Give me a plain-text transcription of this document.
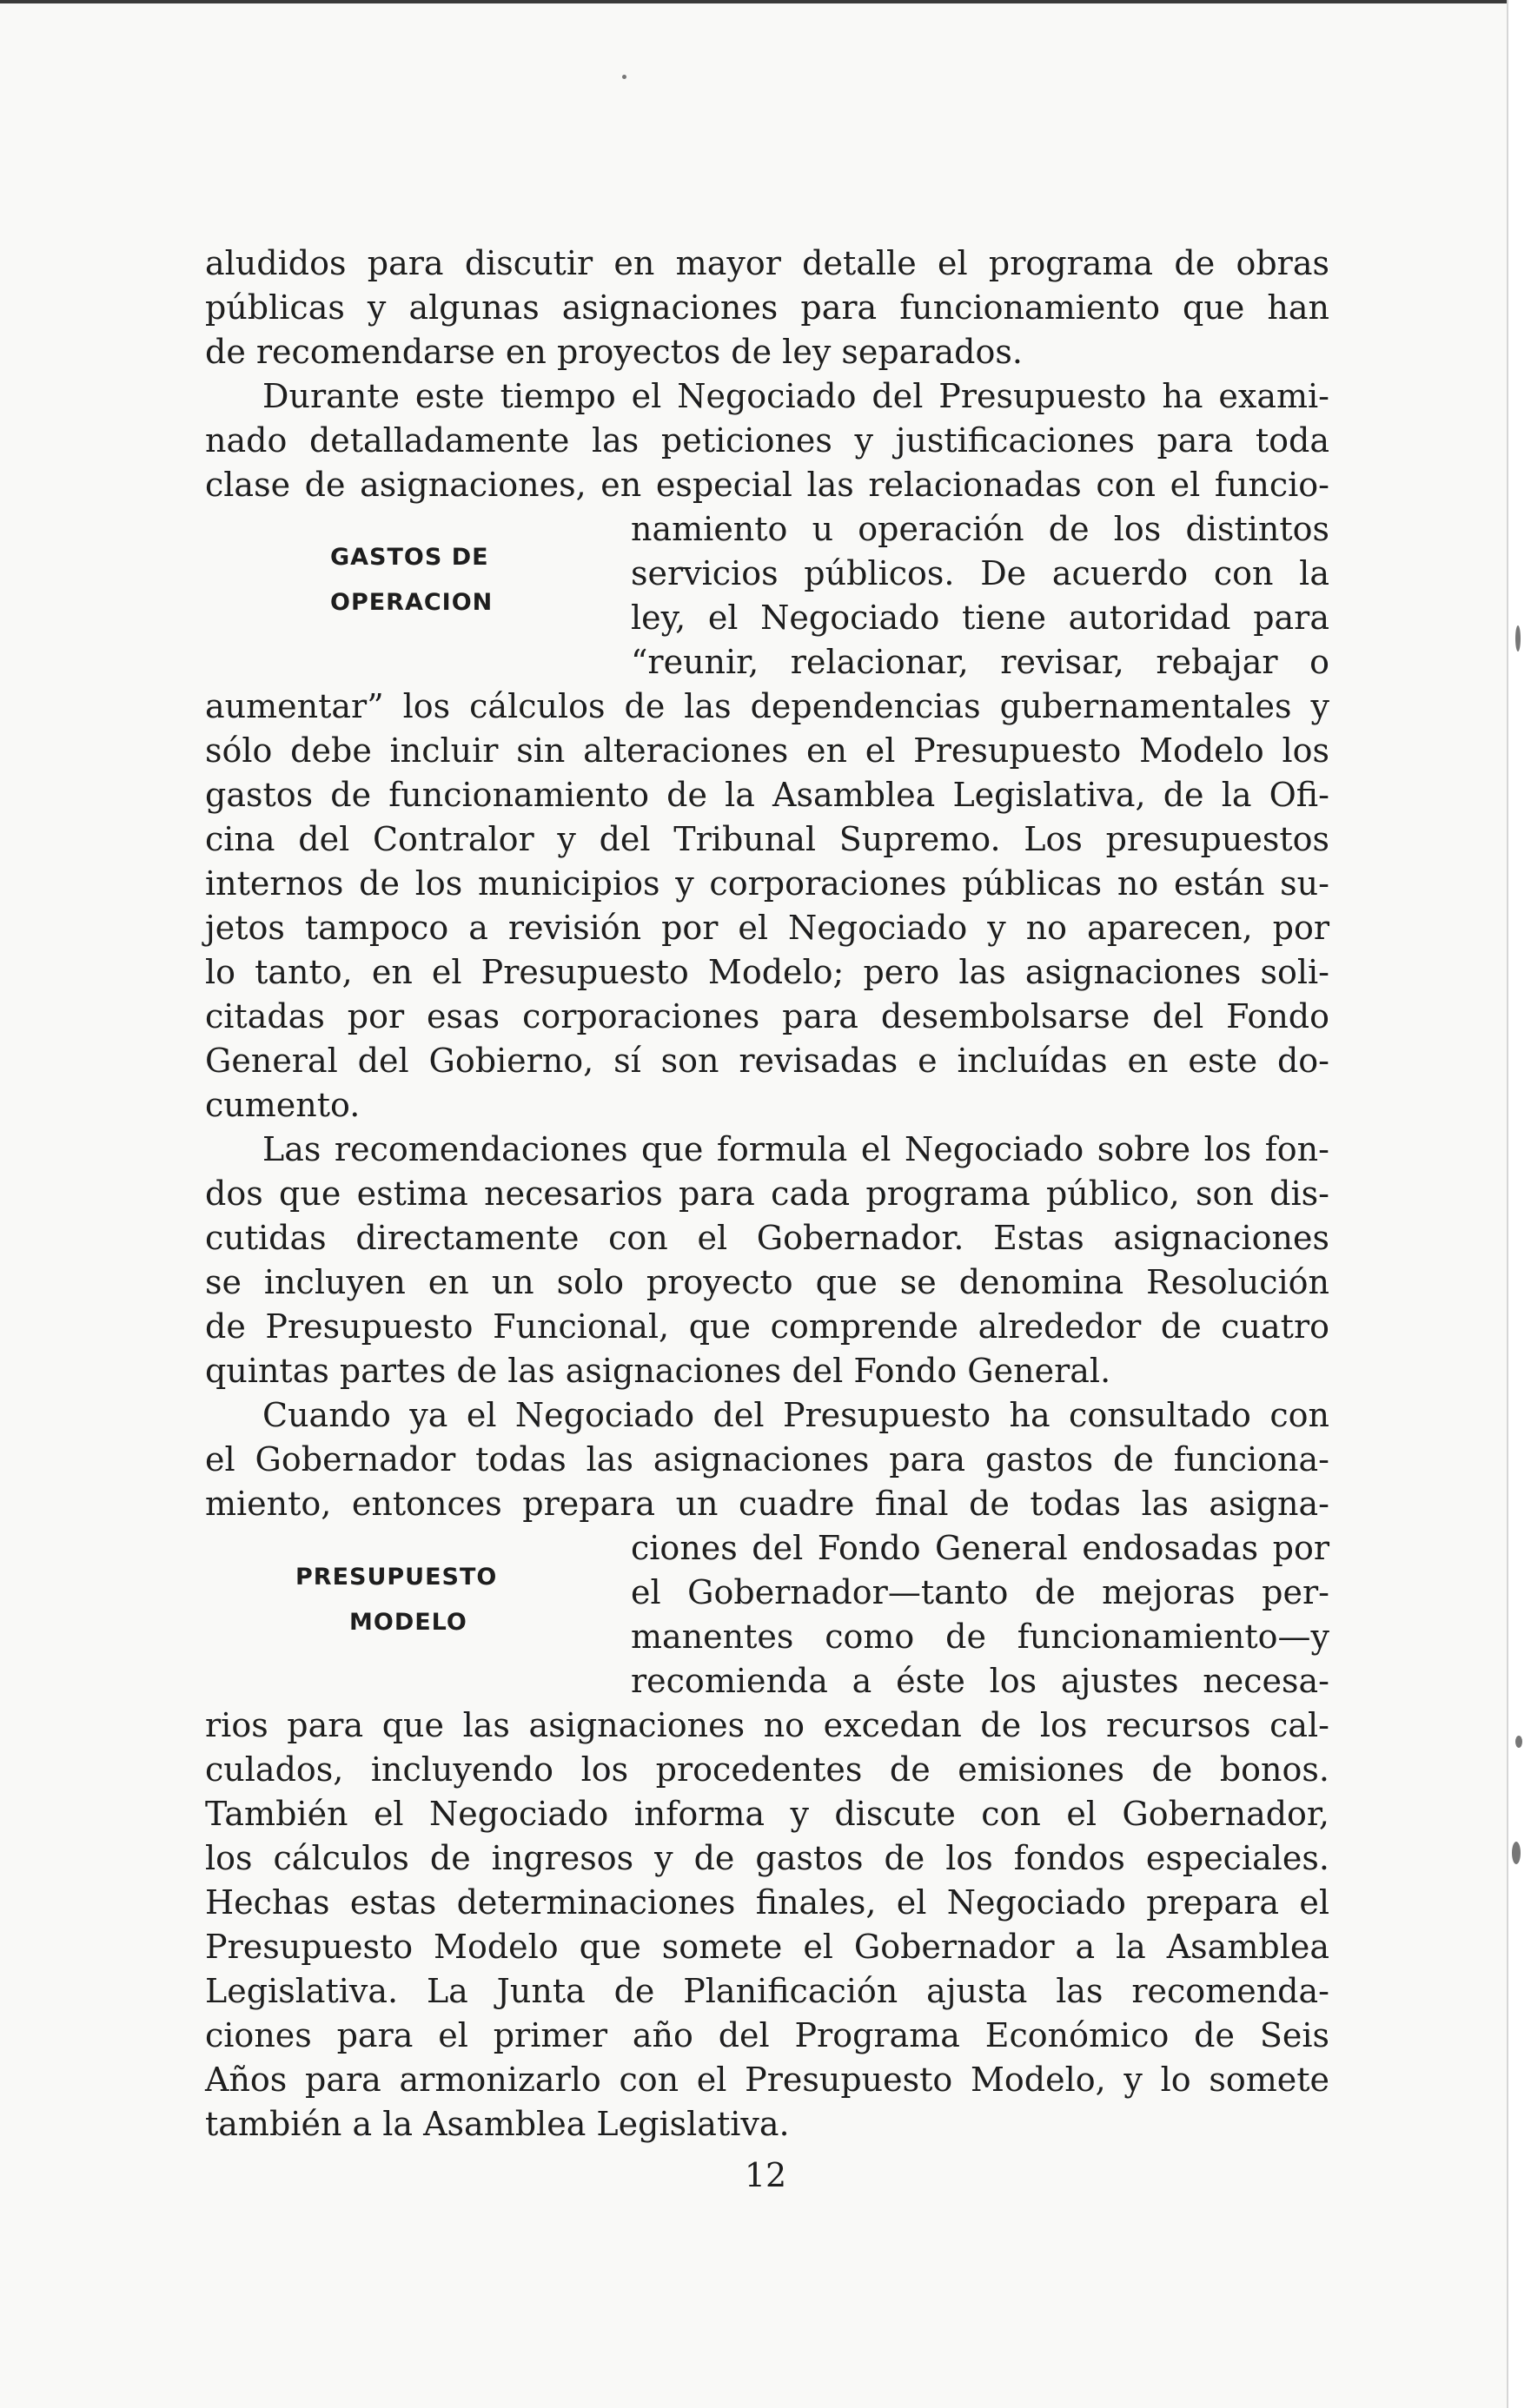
aludidos para discutir en mayor detalle el programa de obras
públicas y algunas asignaciones para funcionamiento que han
de recomendarse en proyectos de ley separados.
Durante este tiempo el Negociado del Presupuesto ha exami-
nado detalladamente las peticiones y justificaciones para toda
clase de asignaciones, en especial las relacionadas con el funcio-
namiento u operación de los distintos
servicios públicos. De acuerdo con la
ley, el Negociado tiene autoridad para
“reunir, relacionar, revisar, rebajar o
aumentar” los cálculos de las dependencias gubernamentales y
sólo debe incluir sin alteraciones en el Presupuesto Modelo los
gastos de funcionamiento de la Asamblea Legislativa, de la Ofi-
cina del Contralor y del Tribunal Supremo. Los presupuestos
internos de los municipios y corporaciones públicas no están su-
jetos tampoco a revisión por el Negociado y no aparecen, por
lo tanto, en el Presupuesto Modelo; pero las asignaciones soli-
citadas por esas corporaciones para desembolsarse del Fondo
General del Gobierno, sí son revisadas e incluídas en este do-
cumento.
Las recomendaciones que formula el Negociado sobre los fon-
dos que estima necesarios para cada programa público, son dis-
cutidas directamente con el Gobernador. Estas asignaciones
se incluyen en un solo proyecto que se denomina Resolución
de Presupuesto Funcional, que comprende alrededor de cuatro
quintas partes de las asignaciones del Fondo General.
Cuando ya el Negociado del Presupuesto ha consultado con
el Gobernador todas las asignaciones para gastos de funciona-
miento, entonces prepara un cuadre final de todas las asigna-
ciones del Fondo General endosadas por
el Gobernador—tanto de mejoras per-
manentes como de funcionamiento—y
recomienda a éste los ajustes necesa-
rios para que las asignaciones no excedan de los recursos cal-
culados, incluyendo los procedentes de emisiones de bonos.
También el Negociado informa y discute con el Gobernador,
los cálculos de ingresos y de gastos de los fondos especiales.
Hechas estas determinaciones finales, el Negociado prepara el
Presupuesto Modelo que somete el Gobernador a la Asamblea
Legislativa. La Junta de Planificación ajusta las recomenda-
ciones para el primer año del Programa Económico de Seis
Años para armonizarlo con el Presupuesto Modelo, y lo somete
también a la Asamblea Legislativa.
GASTOS DE
OPERACION
PRESUPUESTO
MODELO
12
